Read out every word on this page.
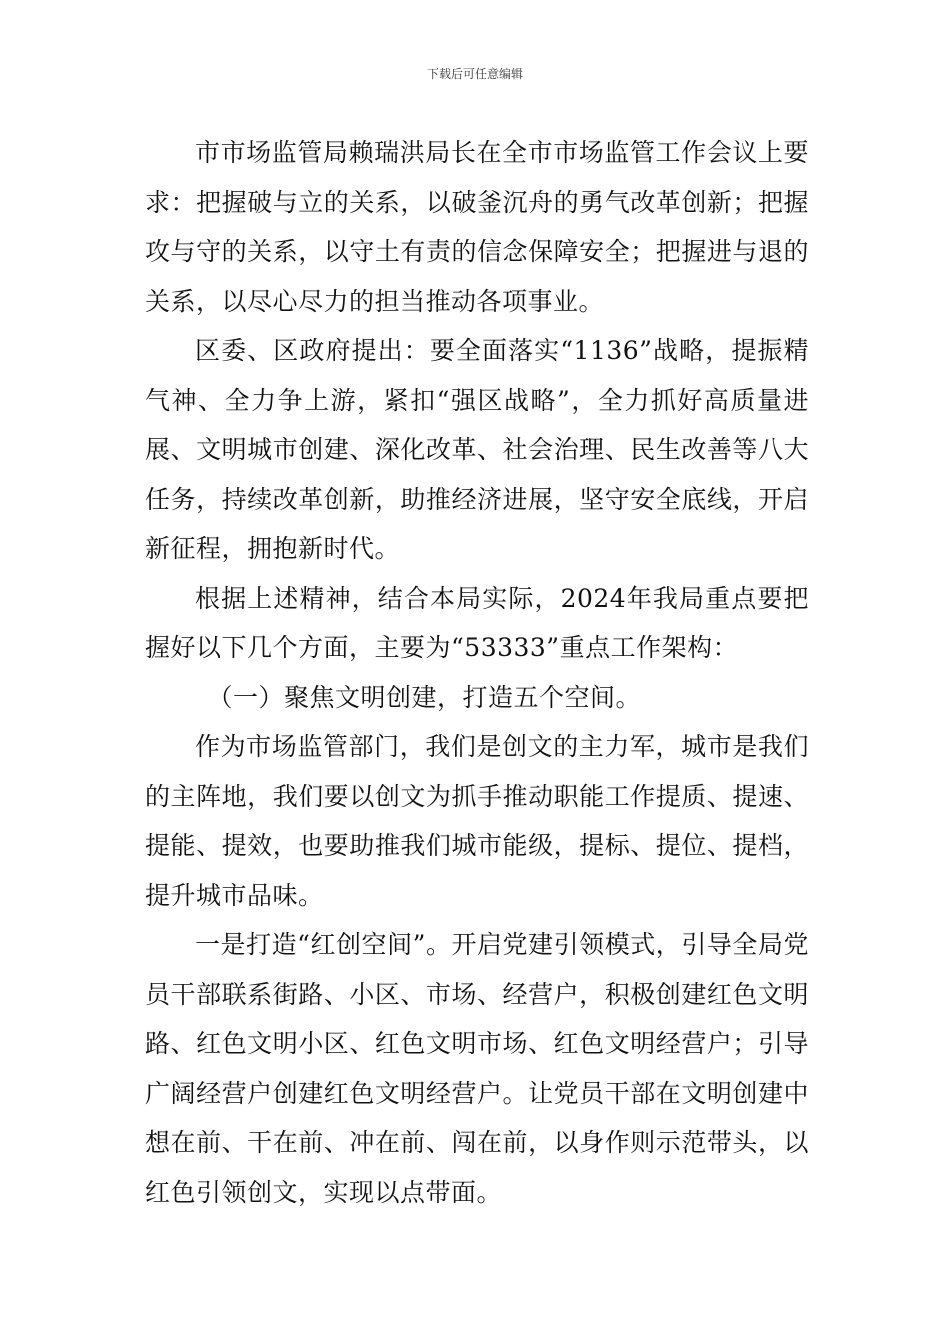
下载后可任意编辑

市市场监管局赖瑞洪局长在全市市场监管工作会议上要求：把握破与立的关系，以破釜沉舟的勇气改革创新；把握攻与守的关系，以守土有责的信念保障安全；把握进与退的关系，以尽心尽力的担当推动各项事业。

区委、区政府提出：要全面落实“1136”战略，提振精气神、全力争上游，紧扣“强区战略”，全力抓好高质量进展、文明城市创建、深化改革、社会治理、民生改善等八大任务，持续改革创新，助推经济进展，坚守安全底线，开启新征程，拥抱新时代。

根据上述精神，结合本局实际，2024年我局重点要把握好以下几个方面，主要为“53333”重点工作架构：

（一）聚焦文明创建，打造五个空间。

作为市场监管部门，我们是创文的主力军，城市是我们的主阵地，我们要以创文为抓手推动职能工作提质、提速、提能、提效，也要助推我们城市能级，提标、提位、提档，提升城市品味。

一是打造“红创空间”。开启党建引领模式，引导全局党员干部联系街路、小区、市场、经营户，积极创建红色文明路、红色文明小区、红色文明市场、红色文明经营户；引导广阔经营户创建红色文明经营户。让党员干部在文明创建中想在前、干在前、冲在前、闯在前，以身作则示范带头，以红色引领创文，实现以点带面。
